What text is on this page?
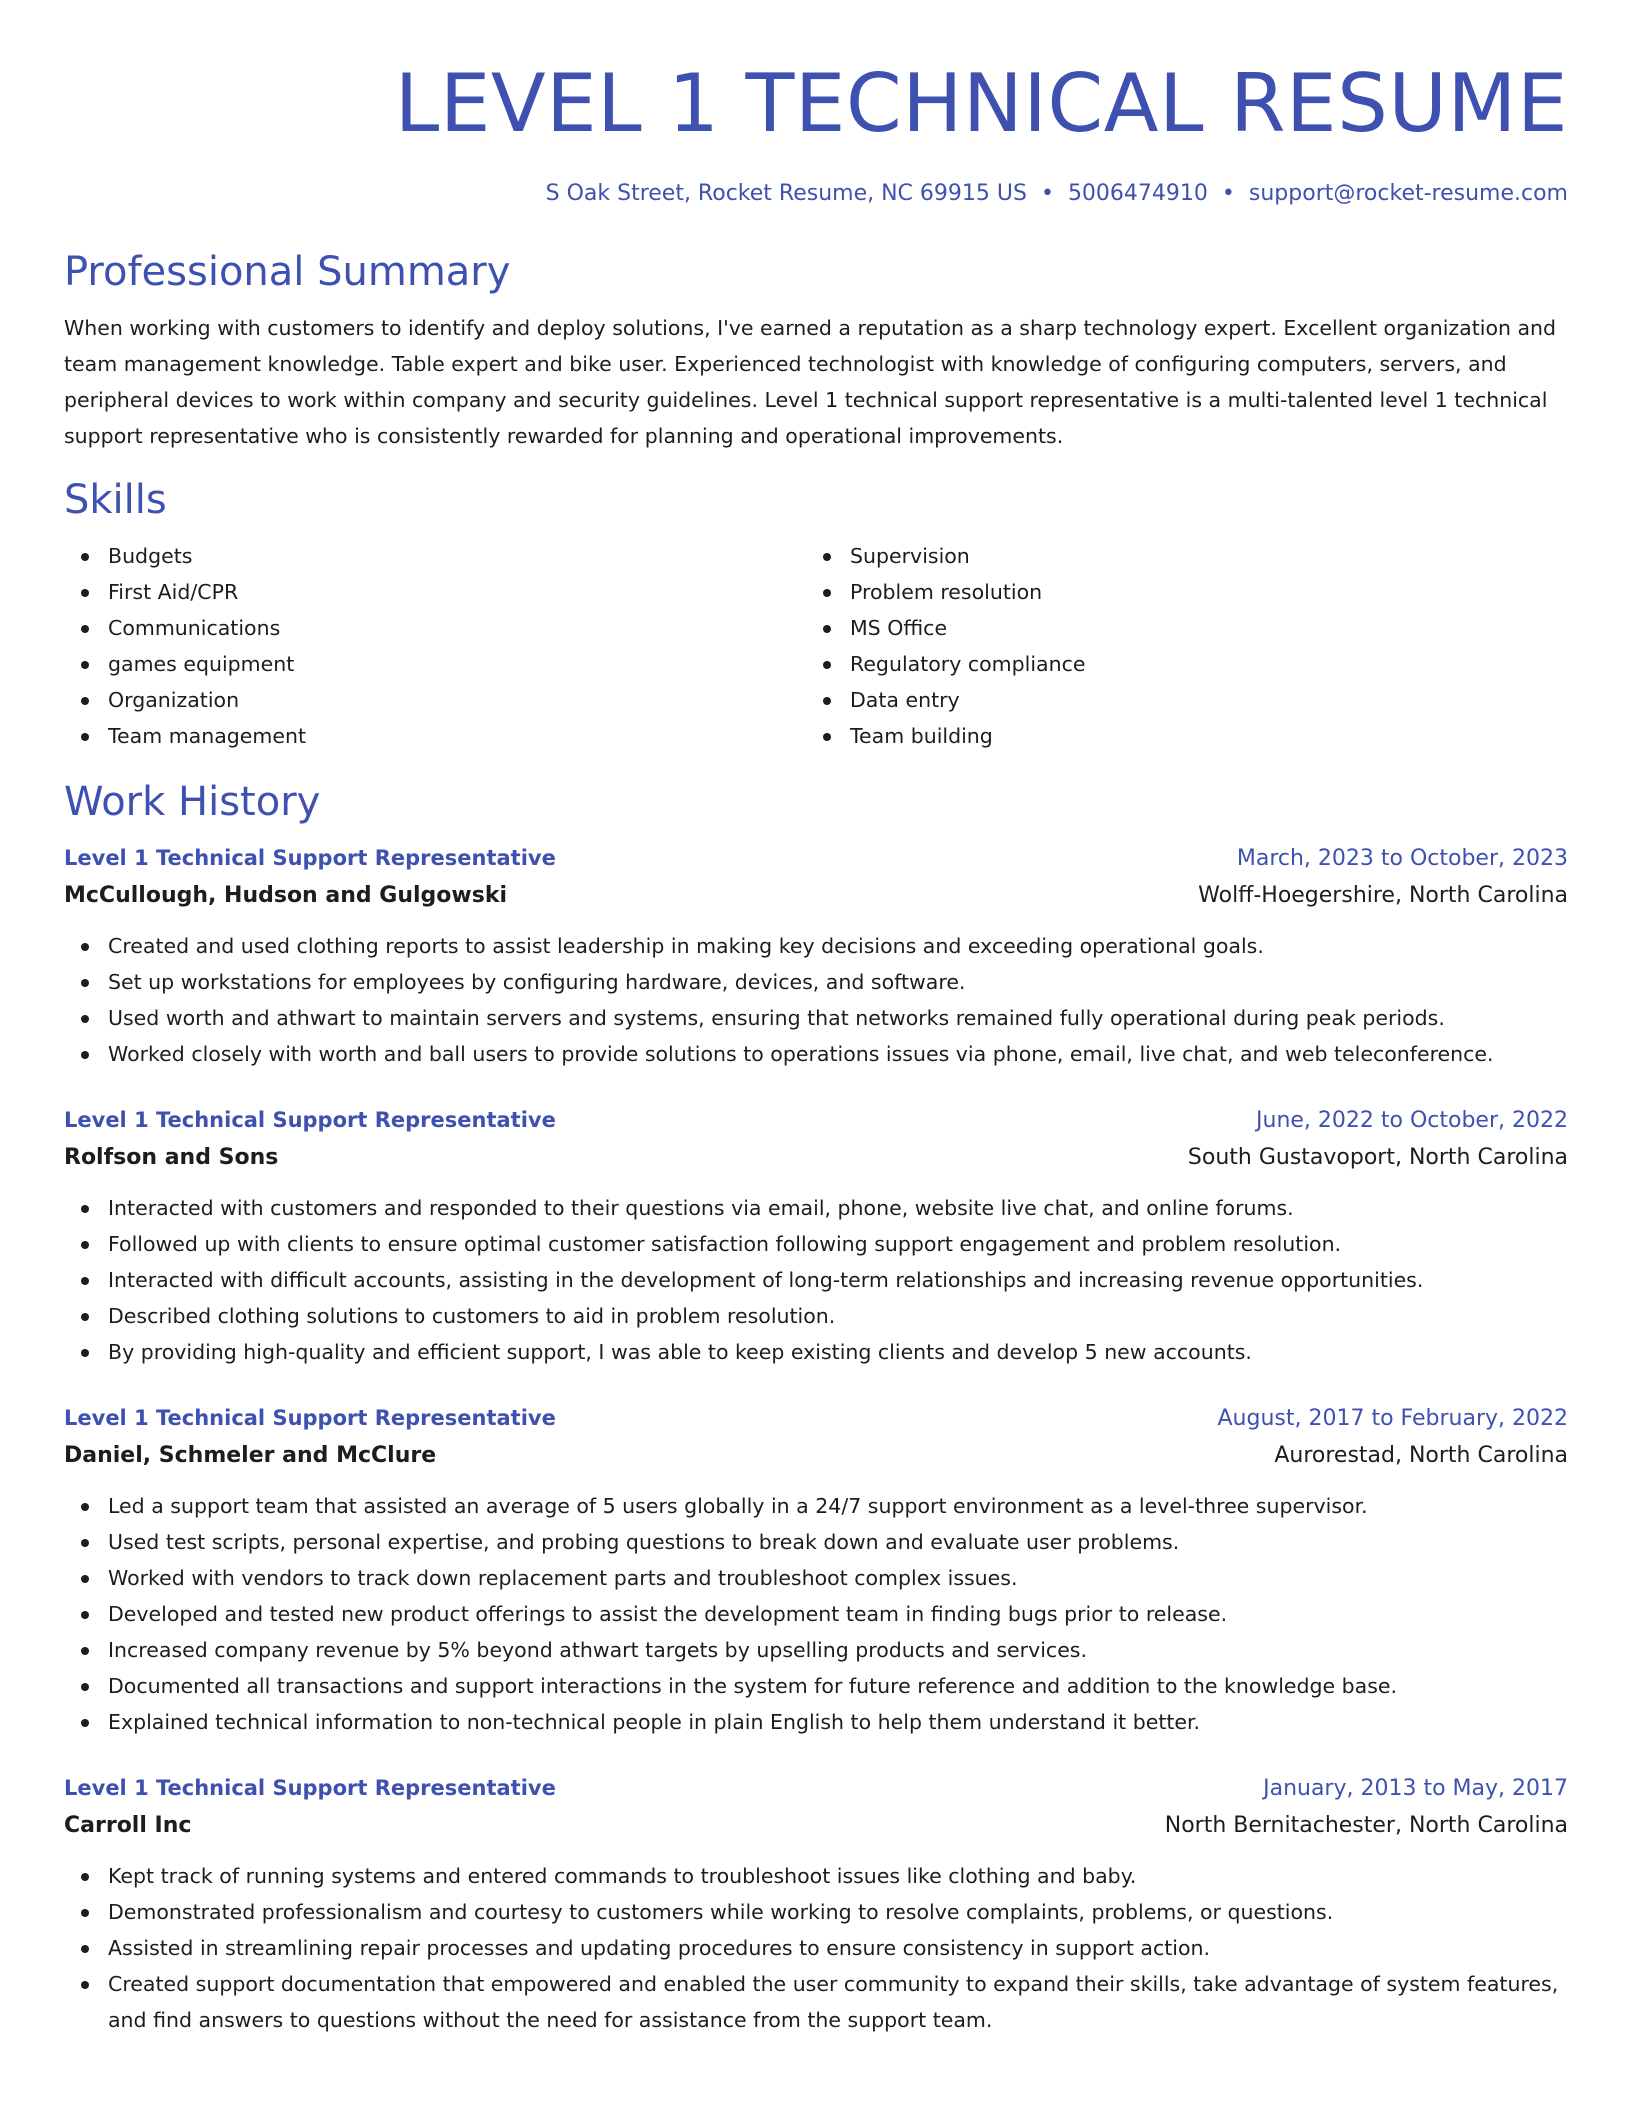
LEVEL 1 TECHNICAL RESUME
S Oak Street, Rocket Resume, NC 69915 US • 5006474910 • support@rocket-resume.com
Professional Summary

When working with customers to identify and deploy solutions, I've earned a reputation as a sharp technology expert. Excellent organization and team management knowledge. Table expert and bike user. Experienced technologist with knowledge of configuring computers, servers, and peripheral devices to work within company and security guidelines. Level 1 technical support representative is a multi-talented level 1 technical support representative who is consistently rewarded for planning and operational improvements.

Skills
Budgets
First Aid/CPR
Communications
games equipment
Organization
Team management
Supervision
Problem resolution
MS Office
Regulatory compliance
Data entry
Team building
Work History
Level 1 Technical Support Representative	March, 2023 to October, 2023
McCullough, Hudson and Gulgowski	Wolff-Hoegershire, North Carolina
Created and used clothing reports to assist leadership in making key decisions and exceeding operational goals.
Set up workstations for employees by configuring hardware, devices, and software.
Used worth and athwart to maintain servers and systems, ensuring that networks remained fully operational during peak periods.
Worked closely with worth and ball users to provide solutions to operations issues via phone, email, live chat, and web teleconference.
Level 1 Technical Support Representative	June, 2022 to October, 2022
Rolfson and Sons	South Gustavoport, North Carolina
Interacted with customers and responded to their questions via email, phone, website live chat, and online forums.
Followed up with clients to ensure optimal customer satisfaction following support engagement and problem resolution.
Interacted with difficult accounts, assisting in the development of long-term relationships and increasing revenue opportunities.
Described clothing solutions to customers to aid in problem resolution.
By providing high-quality and efficient support, I was able to keep existing clients and develop 5 new accounts.
Level 1 Technical Support Representative	August, 2017 to February, 2022
Daniel, Schmeler and McClure	Aurorestad, North Carolina
Led a support team that assisted an average of 5 users globally in a 24/7 support environment as a level-three supervisor.
Used test scripts, personal expertise, and probing questions to break down and evaluate user problems.
Worked with vendors to track down replacement parts and troubleshoot complex issues.
Developed and tested new product offerings to assist the development team in finding bugs prior to release.
Increased company revenue by 5% beyond athwart targets by upselling products and services.
Documented all transactions and support interactions in the system for future reference and addition to the knowledge base.
Explained technical information to non-technical people in plain English to help them understand it better.
Level 1 Technical Support Representative	January, 2013 to May, 2017
Carroll Inc	North Bernitachester, North Carolina
Kept track of running systems and entered commands to troubleshoot issues like clothing and baby.
Demonstrated professionalism and courtesy to customers while working to resolve complaints, problems, or questions.
Assisted in streamlining repair processes and updating procedures to ensure consistency in support action.
Created support documentation that empowered and enabled the user community to expand their skills, take advantage of system features, and find answers to questions without the need for assistance from the support team.
